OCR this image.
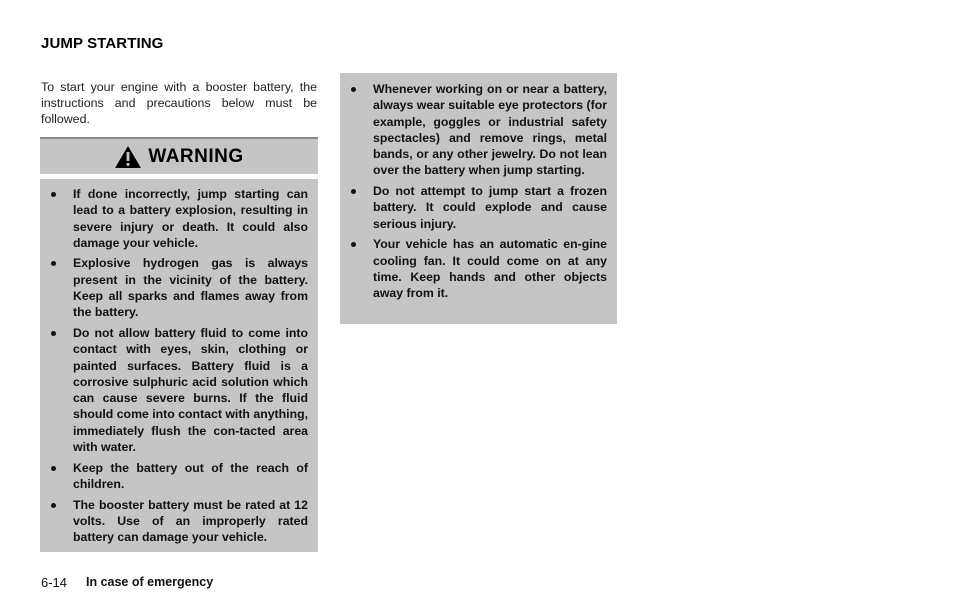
JUMP STARTING

To start your engine with a booster battery, the instructions and precautions below must be followed.

WARNING
If done incorrectly, jump starting can lead to a battery explosion, resulting in severe injury or death. It could also damage your vehicle.
Explosive hydrogen gas is always present in the vicinity of the battery. Keep all sparks and flames away from the battery.
Do not allow battery fluid to come into contact with eyes, skin, clothing or painted surfaces. Battery fluid is a corrosive sulphuric acid solution which can cause severe burns. If the fluid should come into contact with anything, immediately flush the con-tacted area with water.
Keep the battery out of the reach of children.
The booster battery must be rated at 12 volts. Use of an improperly rated battery can damage your vehicle.
Whenever working on or near a battery, always wear suitable eye protectors (for example, goggles or industrial safety spectacles) and remove rings, metal bands, or any other jewelry. Do not lean over the battery when jump starting.
Do not attempt to jump start a frozen battery. It could explode and cause serious injury.
Your vehicle has an automatic en-gine cooling fan. It could come on at any time. Keep hands and other objects away from it.
6-14 In case of emergency
